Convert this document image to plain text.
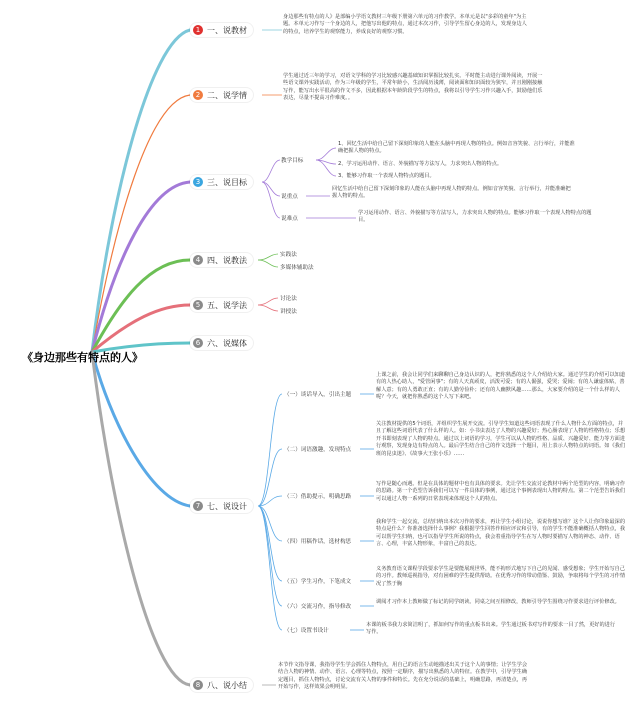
《身边那些有特点的人》
1 一、说教材
2 二、说学情
3 三、说目标
4 四、说教法
5 五、说学法
6 六、说媒体
7 七、说设计
8 八、说小结
身边那些有特点的人》是部编小学语文教材三年级下册第六单元的习作教学。本单元是以"多彩的童年"为主题。本单元习作写一个身边的人，把他写出他的特点，通过本次习作，引导学生留心身边的人，发现身边人的特点，培养学生的观察能力，养成良好的观察习惯。
学生通过近三年的学习，对语文学科的学习比较感兴趣基础知识掌握比较扎实。平时能主动进行课外阅读，开展一些语文课外实践活动，作为三年级的学生，平常年龄小，生活阅历浅薄，阅读面和知识面较为狭窄，并且刚刚接触写作，能写出水平很高的作文不多，因此根据本年龄阶段学生的特点，我将以引导学生习作兴趣入手，鼓励他们乐表达，尽量不提高习作难度。。
教学目标
1、回忆生活中给自己留下深刻印象的人能在头脑中再现人物的特点。例如音容笑貌、言行举行，并能准确把握人物的特点。
2、学习运用动作、语言、外貌描写等方法写人，力求突出人物的特点。
3、能够习作取一个表现人物特点的题目。
说重点
回忆生活中给自己留下深刻印象的人能在头脑中再现人物的特点。例如音容笑貌、言行举行，并能准确把握人物的特点。
说难点
学习运用动作、语言、外貌描写等方法写人，力求突出人物的特点。能够习作取一个表现人物特点的题目。
实践法
多媒体辅助法
讨论法
讲授法
（一）谈话导入，引出主题
上课之前，我会让同学们来聊聊自己身边认识的人，把你熟悉的这个人介绍给大家。通过学生的介绍可以知道有的人热心助人，"爱管闲事"；有的人天真顽皮，活泼可爱；有的人倔强，爱哭；爱闹；有的人谦虚体贴，善解人意；有的人勇敢正直；有的人勤劳俭朴；还有的人幽默风趣……那么，大家要介绍的是一个什么样的人呢？今天，就把你熟悉的这个人写下来吧。
（二）词语激趣，发现特点
关注教材提供的5个词语，并组织学生展开交流。引导学生知道这些词语表现了什么人物什么方面的特点，并且了解这些词语代表了什么样的人。如：小书虫表达了人物的兴趣爱好；热心肠表现了人物的性格特点；乐想开书即刻表现了人物的特点。通过以上词语的学习，学生可以从人物的性格、品质、兴趣爱好、能力等方面进行观察，发现身边有特点的人。最后学生结合自己的作文选择一个题目，用上表示人物特点的词语。如《我们班的昆虫迷》、《故事大王张小乐》……
（三）借助提示，明确思路
写作是随心而遇。但是在具体的题材中也有具体的要求。先让学生交流讨论教材中两个范型的内容，明确习作的思路。第一个范型告诉我们可以写一件具体的事例，通过这个事例表现出人物的特点。第二个范型告诉我们可以通过人物一系列的日常表现来体现这个人的特点。
（四）用稿作话，选材构思
我和学生一起交流，总结归纳出本次习作的要求，再让学生小组讨论，说说你想写谁？这个人让你印象最深的特点是什么？你准备选择什么事例？我根据学生回答作相应评议和引导，有的学生不能准确概括人物特点，我可以帮学生归纳，也可以指导学生所说的特点，我会着重指导学生在写人物时要描写人物的神态、动作、语言、心理，丰富人物形象，丰富自己的表达。
（五）学生习作，下笔成文
义务教育语文课程学段要求学生是要能展现世界，能不拘形式地写下自己的见闻、感受想象；学生开始写自己的习作。教师巡视指导，对有困难的学生提供帮助。在优秀习作的带动借鉴、鼓励，争取将每个学生的习作情况了然于胸
（六）交流习作，指导修改
调阅才习作本上教师做了标记的同学朗读。同桌之间互相修改，教师引导学生围绕习作要求进行评价修改。
（七）设置书设计
本课的板书我力求简洁明了，抓如何写作的重点板书出来。学生通过板书对写作的要求一目了然，更好的进行写作。
本节作文指导课，我指导学生学会抓住人物特点，用自己的语言生动地描述出关于这个人的事情；让学生学会结合人物的神情、动作、语言、心理等特点，按照一定顺序，描写出熟悉的人的特征。在教学中，引导学生确定题目，抓住人物特点，讨论交流有关人物的事件和特长。先在充分说话的基础上，明确思路，再清楚点，再开始写作，这样效果会明明显。
